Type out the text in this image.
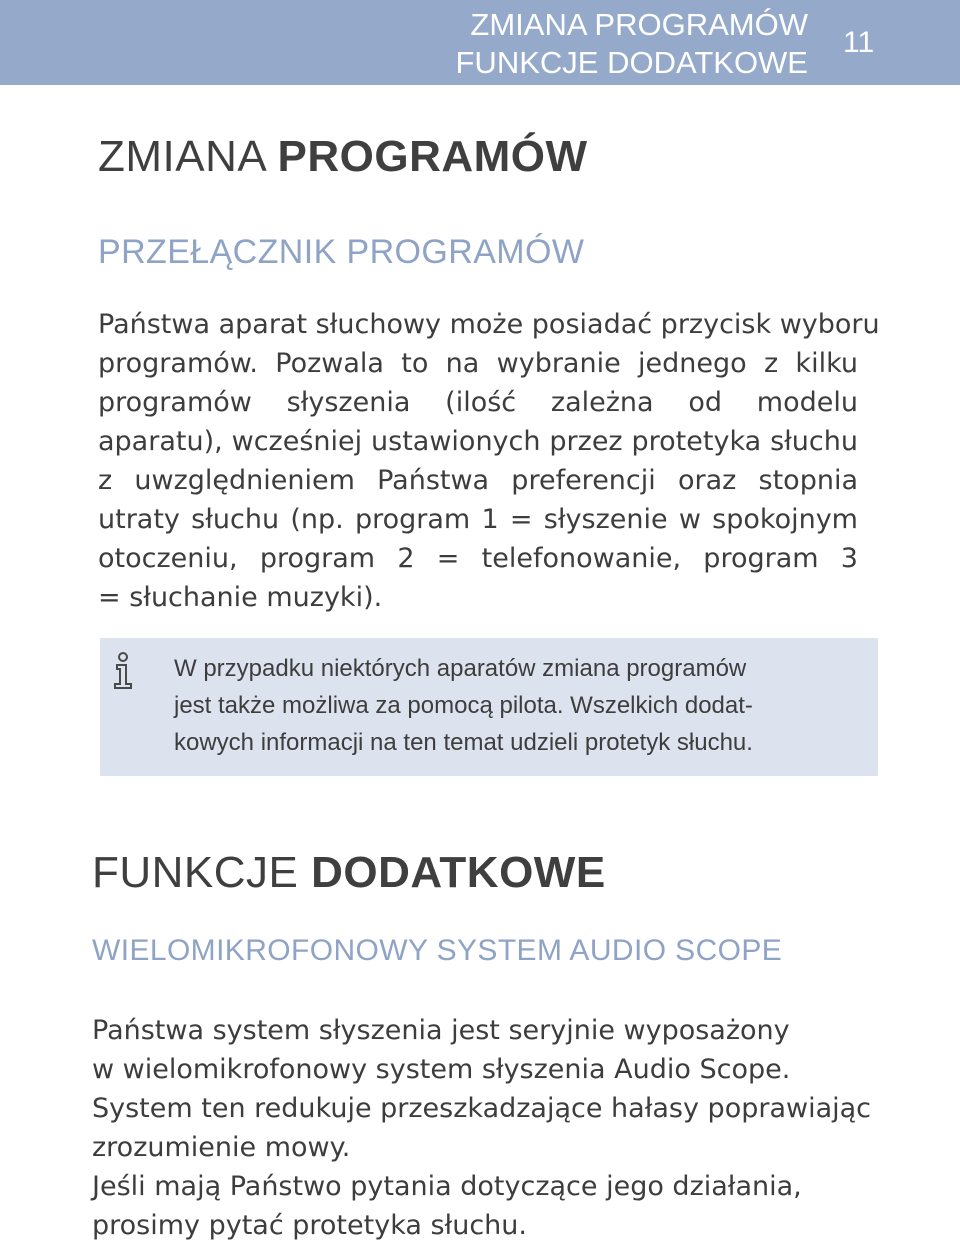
ZMIANA PROGRAMÓW
FUNKCJE DODATKOWE
11
ZMIANA PROGRAMÓW
PRZEŁĄCZNIK PROGRAMÓW
Państwa aparat słuchowy może posiadać przycisk wyboru
programów. Pozwala to na wybranie jednego z kilku
programów słyszenia (ilość zależna od modelu
aparatu), wcześniej ustawionych przez protetyka słuchu
z uwzględnieniem Państwa preferencji oraz stopnia
utraty słuchu (np. program 1 = słyszenie w spokojnym
otoczeniu, program 2 = telefonowanie, program 3
= słuchanie muzyki).
W przypadku niektórych aparatów zmiana programów
jest także możliwa za pomocą pilota. Wszelkich dodat-
kowych informacji na ten temat udzieli protetyk słuchu.
FUNKCJE DODATKOWE
WIELOMIKROFONOWY SYSTEM AUDIO SCOPE
Państwa system słyszenia jest seryjnie wyposażony
w wielomikrofonowy system słyszenia Audio Scope.
System ten redukuje przeszkadzające hałasy poprawiając
zrozumienie mowy.
Jeśli mają Państwo pytania dotyczące jego działania,
prosimy pytać protetyka słuchu.
